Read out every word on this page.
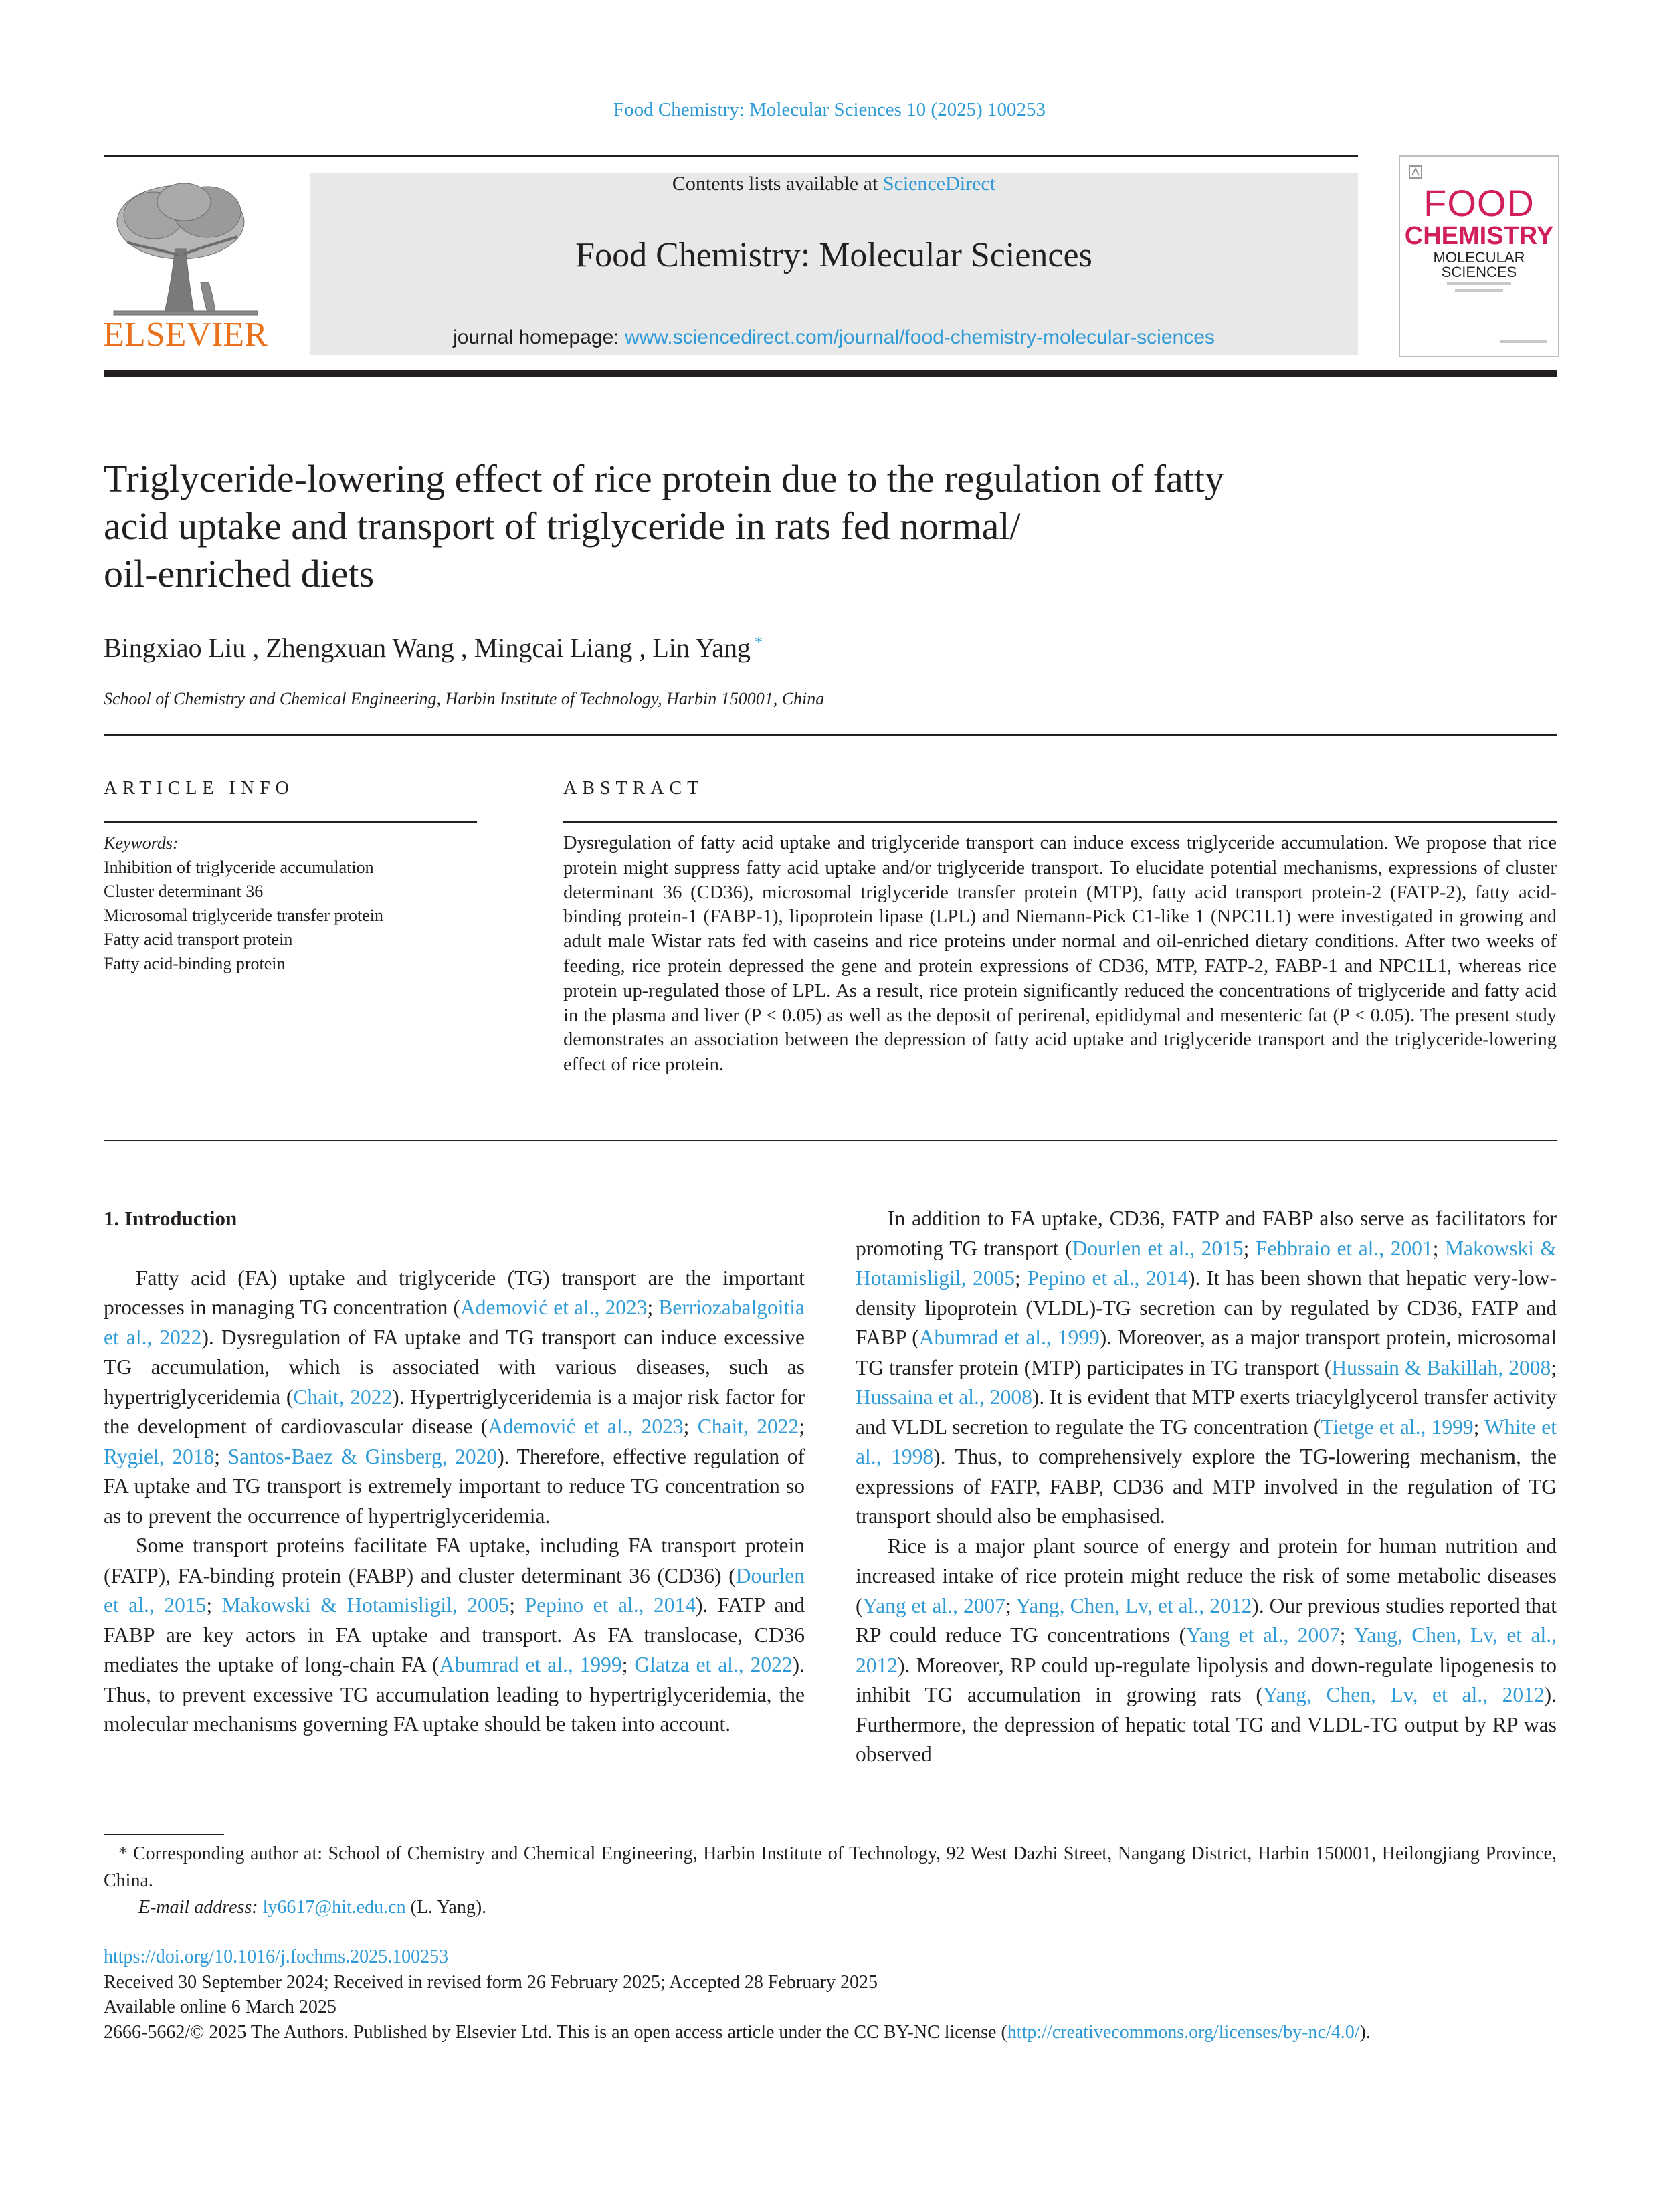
Food Chemistry: Molecular Sciences 10 (2025) 100253
ELSEVIER
Contents lists available at ScienceDirect
Food Chemistry: Molecular Sciences
journal homepage: www.sciencedirect.com/journal/food-chemistry-molecular-sciences
FOOD
CHEMISTRY
MOLECULAR SCIENCES
Triglyceride-lowering effect of rice protein due to the regulation of fatty
acid uptake and transport of triglyceride in rats fed normal/
oil-enriched diets
Bingxiao Liu , Zhengxuan Wang , Mingcai Liang , Lin Yang *
School of Chemistry and Chemical Engineering, Harbin Institute of Technology, Harbin 150001, China
ARTICLE INFO	ABSTRACT
Keywords:
Inhibition of triglyceride accumulation
Cluster determinant 36
Microsomal triglyceride transfer protein
Fatty acid transport protein
Fatty acid-binding protein
Dysregulation of fatty acid uptake and triglyceride transport can induce excess triglyceride accumulation. We propose that rice protein might suppress fatty acid uptake and/or triglyceride transport. To elucidate potential mechanisms, expressions of cluster determinant 36 (CD36), microsomal triglyceride transfer protein (MTP), fatty acid transport protein-2 (FATP-2), fatty acid-binding protein-1 (FABP-1), lipoprotein lipase (LPL) and Niemann-Pick C1-like 1 (NPC1L1) were investigated in growing and adult male Wistar rats fed with caseins and rice proteins under normal and oil-enriched dietary conditions. After two weeks of feeding, rice protein depressed the gene and protein expressions of CD36, MTP, FATP-2, FABP-1 and NPC1L1, whereas rice protein up-regulated those of LPL. As a result, rice protein significantly reduced the concentrations of triglyceride and fatty acid in the plasma and liver (P < 0.05) as well as the deposit of perirenal, epididymal and mesenteric fat (P < 0.05). The present study demonstrates an association between the depression of fatty acid uptake and triglyceride transport and the triglyceride-lowering effect of rice protein.
1. Introduction

Fatty acid (FA) uptake and triglyceride (TG) transport are the important processes in managing TG concentration (Ademović et al., 2023; Berriozabalgoitia et al., 2022). Dysregulation of FA uptake and TG transport can induce excessive TG accumulation, which is associated with various diseases, such as hypertriglyceridemia (Chait, 2022). Hypertriglyceridemia is a major risk factor for the development of cardiovascular disease (Ademović et al., 2023; Chait, 2022; Rygiel, 2018; Santos-Baez & Ginsberg, 2020). Therefore, effective regulation of FA uptake and TG transport is extremely important to reduce TG concentration so as to prevent the occurrence of hypertriglyceridemia.

Some transport proteins facilitate FA uptake, including FA transport protein (FATP), FA-binding protein (FABP) and cluster determinant 36 (CD36) (Dourlen et al., 2015; Makowski & Hotamisligil, 2005; Pepino et al., 2014). FATP and FABP are key actors in FA uptake and transport. As FA translocase, CD36 mediates the uptake of long-chain FA (Abumrad et al., 1999; Glatza et al., 2022). Thus, to prevent excessive TG accumulation leading to hypertriglyceridemia, the molecular mechanisms governing FA uptake should be taken into account.

In addition to FA uptake, CD36, FATP and FABP also serve as facilitators for promoting TG transport (Dourlen et al., 2015; Febbraio et al., 2001; Makowski & Hotamisligil, 2005; Pepino et al., 2014). It has been shown that hepatic very-low-density lipoprotein (VLDL)-TG secretion can by regulated by CD36, FATP and FABP (Abumrad et al., 1999). Moreover, as a major transport protein, microsomal TG transfer protein (MTP) participates in TG transport (Hussain & Bakillah, 2008; Hussaina et al., 2008). It is evident that MTP exerts triacylglycerol transfer activity and VLDL secretion to regulate the TG concentration (Tietge et al., 1999; White et al., 1998). Thus, to comprehensively explore the TG-lowering mechanism, the expressions of FATP, FABP, CD36 and MTP involved in the regulation of TG transport should also be emphasised.

Rice is a major plant source of energy and protein for human nutrition and increased intake of rice protein might reduce the risk of some metabolic diseases (Yang et al., 2007; Yang, Chen, Lv, et al., 2012). Our previous studies reported that RP could reduce TG concentrations (Yang et al., 2007; Yang, Chen, Lv, et al., 2012). Moreover, RP could up-regulate lipolysis and down-regulate lipogenesis to inhibit TG accumulation in growing rats (Yang, Chen, Lv, et al., 2012). Furthermore, the depression of hepatic total TG and VLDL-TG output by RP was observed

* Corresponding author at: School of Chemistry and Chemical Engineering, Harbin Institute of Technology, 92 West Dazhi Street, Nangang District, Harbin 150001, Heilongjiang Province, China.
E-mail address: ly6617@hit.edu.cn (L. Yang).
https://doi.org/10.1016/j.fochms.2025.100253
Received 30 September 2024; Received in revised form 26 February 2025; Accepted 28 February 2025
Available online 6 March 2025
2666-5662/© 2025 The Authors. Published by Elsevier Ltd. This is an open access article under the CC BY-NC license (http://creativecommons.org/licenses/by-nc/4.0/).
